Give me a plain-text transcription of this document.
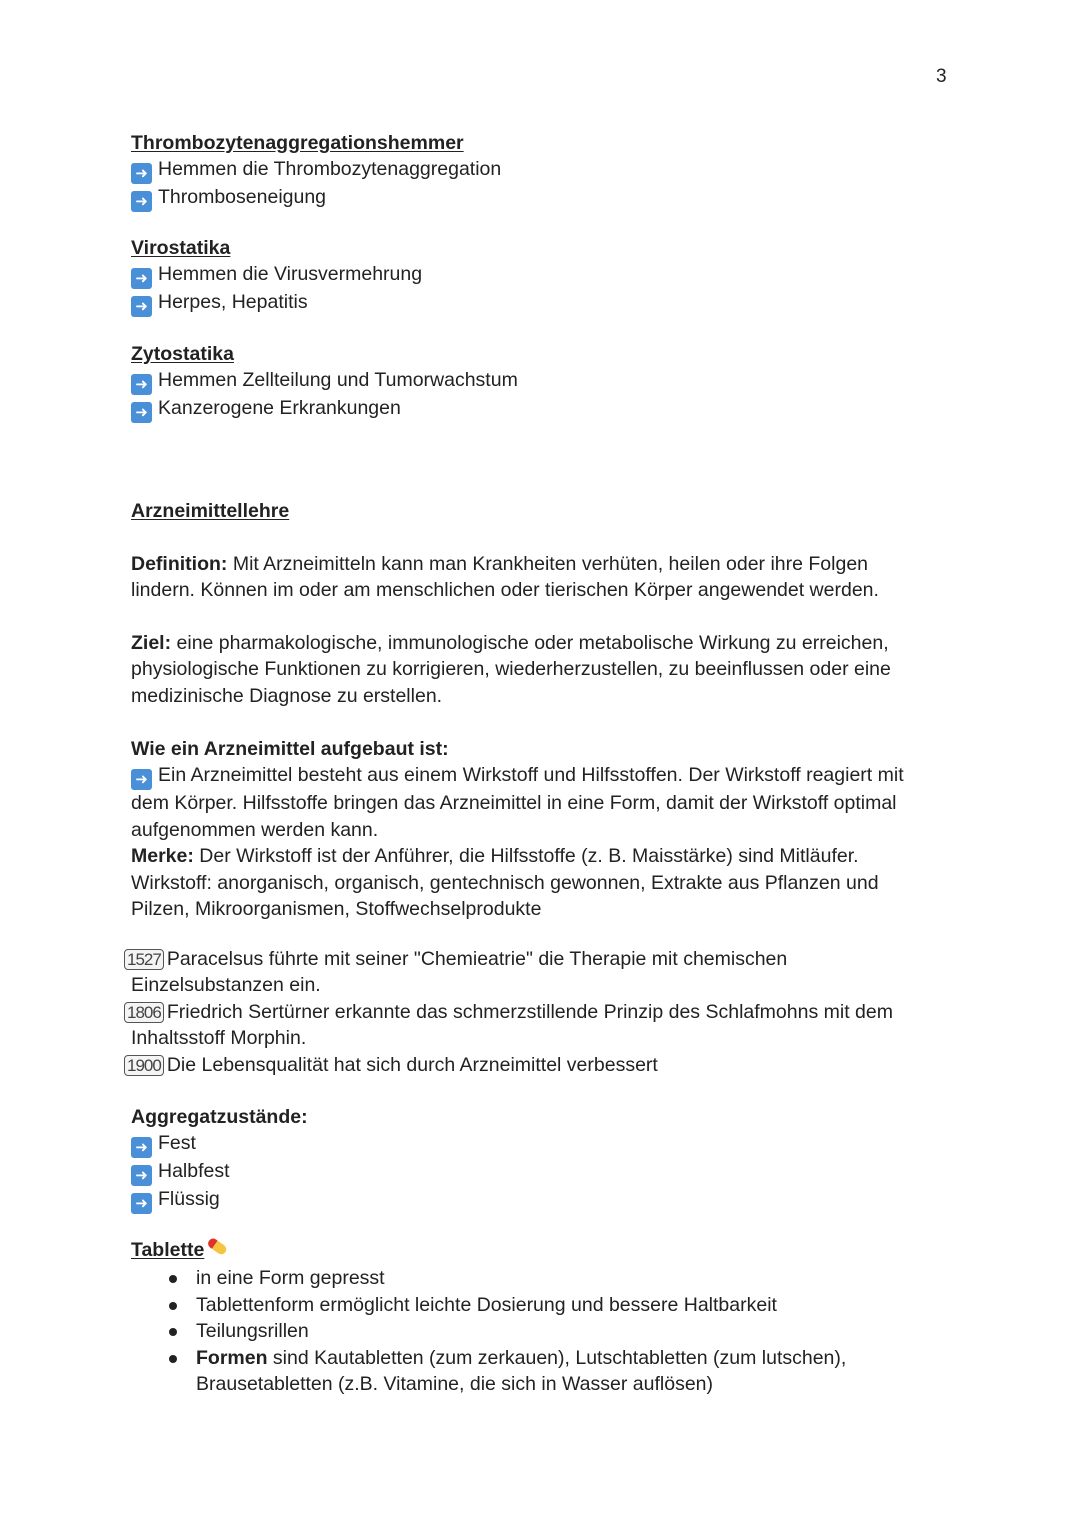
3
Thrombozytenaggregationshemmer
➜ Hemmen die Thrombozytenaggregation
➜ Thromboseneigung
Virostatika
➜ Hemmen die Virusvermehrung
➜ Herpes, Hepatitis
Zytostatika
➜ Hemmen Zellteilung und Tumorwachstum
➜ Kanzerogene Erkrankungen
Arzneimittellehre
Definition: Mit Arzneimitteln kann man Krankheiten verhüten, heilen oder ihre Folgen
lindern. Können im oder am menschlichen oder tierischen Körper angewendet werden.
Ziel: eine pharmakologische, immunologische oder metabolische Wirkung zu erreichen,
physiologische Funktionen zu korrigieren, wiederherzustellen, zu beeinflussen oder eine
medizinische Diagnose zu erstellen.
Wie ein Arzneimittel aufgebaut ist:
➜ Ein Arzneimittel besteht aus einem Wirkstoff und Hilfsstoffen. Der Wirkstoff reagiert mit
dem Körper. Hilfsstoffe bringen das Arzneimittel in eine Form, damit der Wirkstoff optimal
aufgenommen werden kann.
Merke: Der Wirkstoff ist der Anführer, die Hilfsstoffe (z. B. Maisstärke) sind Mitläufer.
Wirkstoff: anorganisch, organisch, gentechnisch gewonnen, Extrakte aus Pflanzen und
Pilzen, Mikroorganismen, Stoffwechselprodukte
1527 Paracelsus führte mit seiner "Chemieatrie" die Therapie mit chemischen
Einzelsubstanzen ein.
1806 Friedrich Sertürner erkannte das schmerzstillende Prinzip des Schlafmohns mit dem
Inhaltsstoff Morphin.
1900 Die Lebensqualität hat sich durch Arzneimittel verbessert
Aggregatzustände:
➜ Fest
➜ Halbfest
➜ Flüssig
Tablette
in eine Form gepresst
Tablettenform ermöglicht leichte Dosierung und bessere Haltbarkeit
Teilungsrillen
Formen sind Kautabletten (zum zerkauen), Lutschtabletten (zum lutschen),
Brausetabletten (z.B. Vitamine, die sich in Wasser auflösen)
